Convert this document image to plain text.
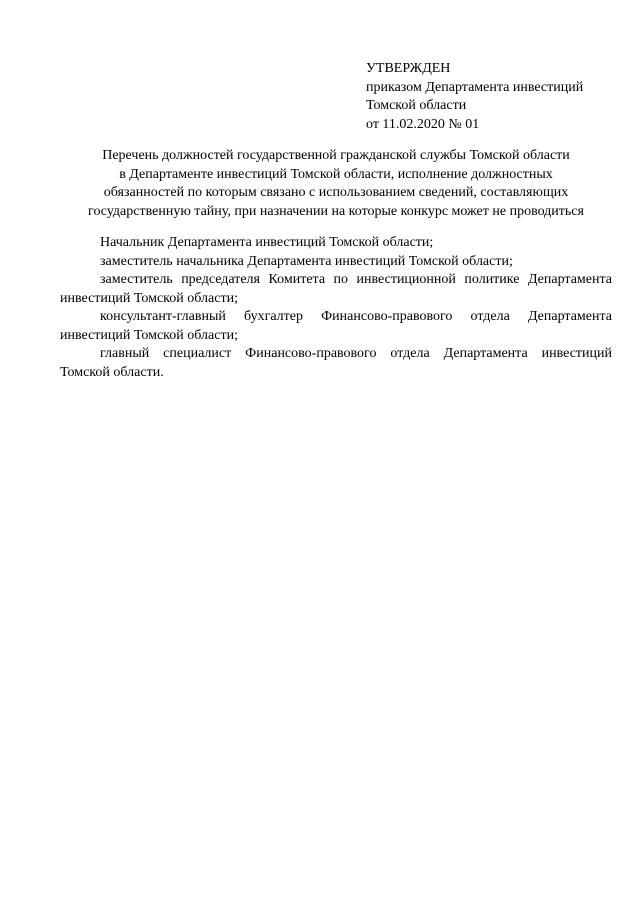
УТВЕРЖДЕН
приказом Департамента инвестиций
Томской области
от 11.02.2020 № 01
Перечень должностей государственной гражданской службы Томской области
в Департаменте инвестиций Томской области, исполнение должностных
обязанностей по которым связано с использованием сведений, составляющих
государственную тайну, при назначении на которые конкурс может не проводиться
Начальник Департамента инвестиций Томской области;
заместитель начальника Департамента инвестиций Томской области;
заместитель председателя Комитета по инвестиционной политике Департамента инвестиций Томской области;
консультант-главный бухгалтер Финансово-правового отдела Департамента инвестиций Томской области;
главный специалист Финансово-правового отдела Департамента инвестиций Томской области.
